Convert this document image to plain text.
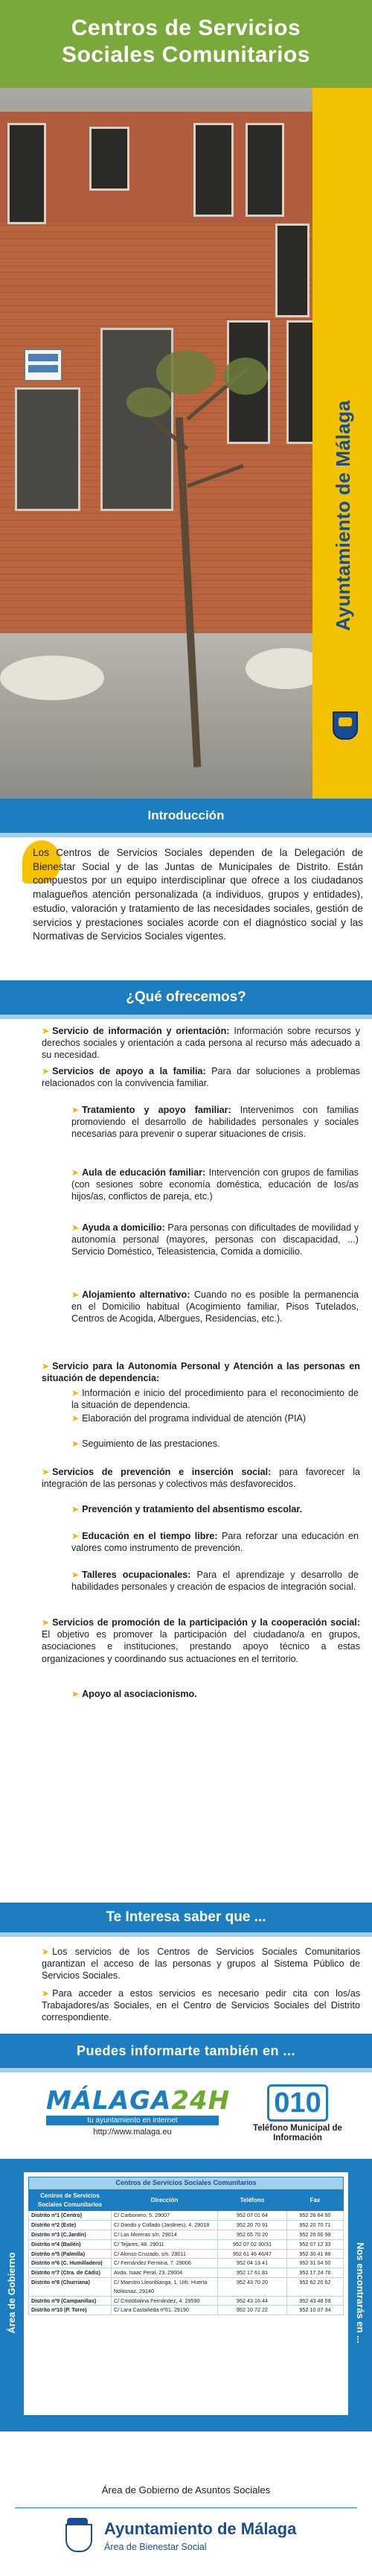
Centros de Servicios
Sociales Comunitarios
Ayuntamiento de Málaga
Introducción
Los Centros de Servicios Sociales dependen de la Delegación de Bienestar Social y de las Juntas de Municipales de Distrito. Están compuestos por un equipo interdisciplinar que ofrece a los ciudadanos malagueños atención personalizada (a individuos, grupos y entidades), estudio, valoración y tratamiento de las necesidades sociales, gestión de servicios y prestaciones sociales acorde con el diagnóstico social y las Normativas de Servicios Sociales vigentes.
¿Qué ofrecemos?
➤ Servicio de información y orientación: Información sobre recursos y derechos sociales y orientación a cada persona al recurso más adecuado a su necesidad.
➤ Servicios de apoyo a la familia: Para dar soluciones a problemas relacionados con la convivencia familiar.
➤ Tratamiento y apoyo familiar: Intervenimos con familias promoviendo el desarrollo de habilidades personales y sociales necesarias para prevenir o superar situaciones de crisis.
➤ Aula de educación familiar: Intervención con grupos de familias (con sesiones sobre economía doméstica, educación de los/as hijos/as, conflictos de pareja, etc.)
➤ Ayuda a domicilio: Para personas con dificultades de movilidad y autonomía personal (mayores, personas con discapacidad, ...) Servicio Doméstico, Teleasistencia, Comida a domicilio.
➤ Alojamiento alternativo: Cuando no es posible la permanencia en el Domicilio habitual (Acogimiento familiar, Pisos Tutelados, Centros de Acogida, Albergues, Residencias, etc.).
➤ Servicio para la Autonomía Personal y Atención a las personas en situación de dependencia:
➤ Información e inicio del procedimiento para el reconocimiento de la situación de dependencia.
➤ Elaboración del programa individual de atención (PIA)
➤ Seguimiento de las prestaciones.
➤ Servicios de prevención e inserción social: para favorecer la integración de las personas y colectivos más desfavorecidos.
➤ Prevención y tratamiento del absentismo escolar.
➤ Educación en el tiempo libre: Para reforzar una educación en valores como instrumento de prevención.
➤ Talleres ocupacionales: Para el aprendizaje y desarrollo de habilidades personales y creación de espacios de integración social.
➤ Servicios de promoción de la participación y la cooperación social: El objetivo es promover la participación del ciudadano/a en grupos, asociaciones e instituciones, prestando apoyo técnico a estas organizaciones y coordinando sus actuaciones en el territorio.
➤ Apoyo al asociacionismo.
Te Interesa saber que ...
➤ Los servicios de los Centros de Servicios Sociales Comunitarios garantizan el acceso de las personas y grupos al Sistema Público de Servicios Sociales.
➤ Para acceder a estos servicios es necesario pedir cita con los/as Trabajadores/as Sociales, en el Centro de Servicios Sociales del Distrito correspondiente.
Puedes informarte también en ...
MÁLAGA24H
tu ayuntamiento en internet
http://www.malaga.eu
010
Teléfono Municipal de Información
Área de Gobierno	Nos encontrarás en ...
Centros de Servicios Sociales Comunitarios			
Centros de Servicios Sociales Comunitarios	Dirección	Teléfono	Fax
Distrito nº1 (Centro)	C/ Carbonero, 5. 29007	952 07 01 64	952 26 64 50
Distrito nº2 (Este)	C/ Dando y Collado (Jardines), 4. 29018	952 20 70 91	952 20 70 71
Distrito nº3 (C.Jardín)	C/ Las Moreras s/n. 29014	952 65 70 20	952 26 00 99
Distrito nº4 (Bailén)	C/ Tejares, 48. 29011	952 07 02 30/31	952 07 12 33
Distrito nº5 (Palmilla)	C/ Alonso Cruzado, s/n. 29011	952 61 46 46/47	952 30 41 88
Distrito nº6 (C. Humilladero)	C/ Fernández Fermina, 7. 29006	952 04 13 41	952 31 04 50
Distrito nº7 (Ctra. de Cádiz)	Avda. Isaac Peral, 23. 29004	952 17 61 81	952 17 24 76
Distrito nº8 (Churriana)	C/ Maestro Lleonblanga, 1. Urb. Huerta Nolasnaz. 29140	952 43 70 20	952 62 20 62
Distrito nº9 (Campanillas)	C/ Cristóbalina Fernández, 4. 29590	952 43 16 44	952 43 48 59
Distrito nº10 (P. Torre)	C/ Lara Castañeda nº61. 29190	952 10 72 22	952 10 07 34
Área de Gobierno de Asuntos Sociales
Ayuntamiento de Málaga
Área de Bienestar Social
